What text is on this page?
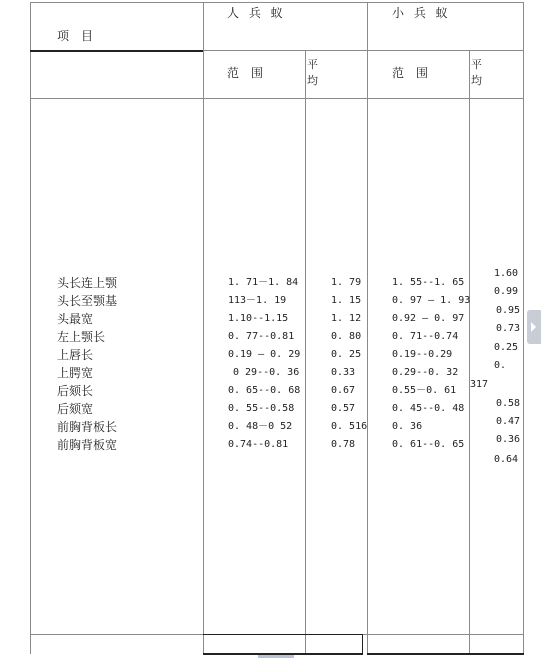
项　目
人 兵 蚁	小 兵 蚁
范　围
平
均
范　围
平
均
头长连上颚
头长至颚基
头最宽
左上颚长
上唇长
上腭宽
后颏长
后颏宽
前胸背板长
前胸背板宽
1. 71－1. 84
113－1. 19
1.10--1.15
0. 77--0.81
0.19 — 0. 29
0 29--0. 36
0. 65--0. 68
0. 55--0.58
0. 48－0 52
0.74--0.81
1. 79
1. 15
1. 12
0. 80
0. 25
0.33
0.67
0.57
0. 516
0.78
1. 55--1. 65
0. 97 — 1. 93
0.92 — 0. 97
0. 71--0.74
0.19--0.29
0.29--0. 32
0.55－0. 61
0. 45--0. 48
0. 36
0. 61--0. 65
1.60
0.99
0.95
0.73
0.25
0.
317
0.58
0.47
0.36
0.64
